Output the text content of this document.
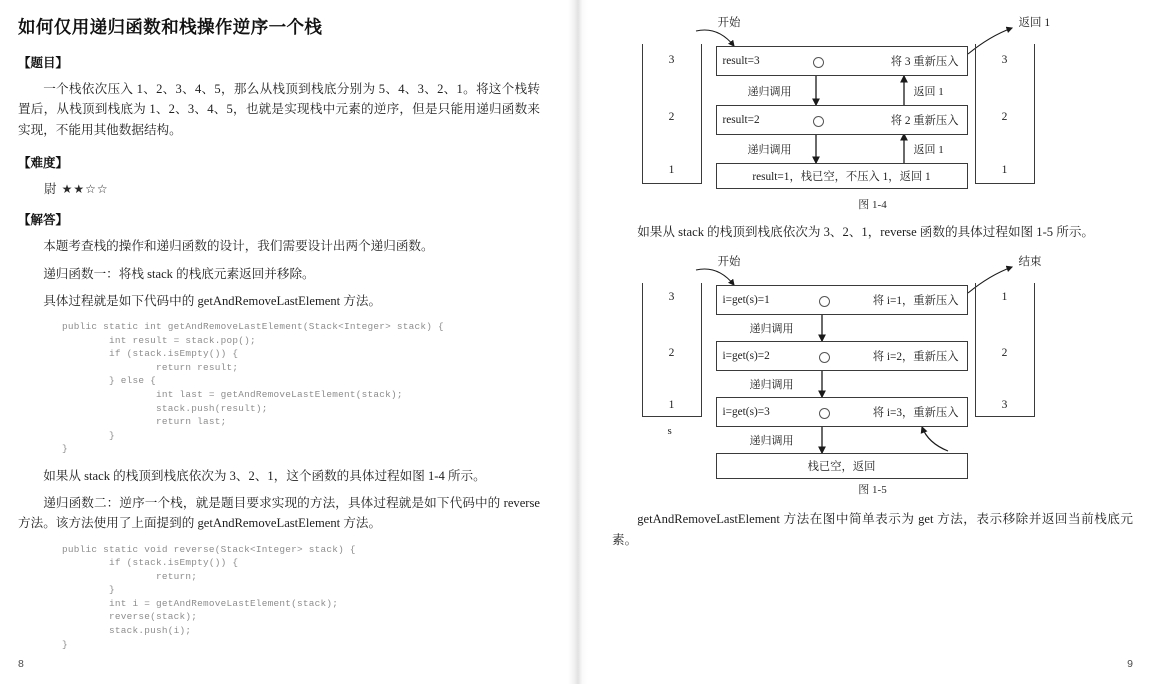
如何仅用递归函数和栈操作逆序一个栈
【题目】

一个栈依次压入 1、2、3、4、5，那么从栈顶到栈底分别为 5、4、3、2、1。将这个栈转置后，从栈顶到栈底为 1、2、3、4、5，也就是实现栈中元素的逆序，但是只能用递归函数来实现，不能用其他数据结构。

【难度】
尉 ★★☆☆
【解答】

本题考查栈的操作和递归函数的设计，我们需要设计出两个递归函数。

递归函数一：将栈 stack 的栈底元素返回并移除。

具体过程就是如下代码中的 getAndRemoveLastElement 方法。

public static int getAndRemoveLastElement(Stack<Integer> stack) {
int result = stack.pop();
if (stack.isEmpty()) {
return result;
} else {
int last = getAndRemoveLastElement(stack);
stack.push(result);
return last;
}
}

如果从 stack 的栈顶到栈底依次为 3、2、1，这个函数的具体过程如图 1-4 所示。

递归函数二：逆序一个栈，就是题目要求实现的方法，具体过程就是如下代码中的 reverse 方法。该方法使用了上面提到的 getAndRemoveLastElement 方法。

public static void reverse(Stack<Integer> stack) {
if (stack.isEmpty()) {
return;
}
int i = getAndRemoveLastElement(stack);
reverse(stack);
stack.push(i);
}
8
开始	返回 1
3
2
1
3
2
1
result=3	将 3 重新压入
result=2	将 2 重新压入
result=1，栈已空，不压入 1，返回 1
递归调用
递归调用
返回 1
返回 1
图 1-4

如果从 stack 的栈顶到栈底依次为 3、2、1，reverse 函数的具体过程如图 1-5 所示。

开始	结束
3
2
1
s
1
2
3
i=get(s)=1	将 i=1，重新压入
i=get(s)=2	将 i=2，重新压入
i=get(s)=3	将 i=3，重新压入
栈已空，返回
递归调用
递归调用
递归调用
图 1-5

getAndRemoveLastElement 方法在图中简单表示为 get 方法，表示移除并返回当前栈底元素。

9
